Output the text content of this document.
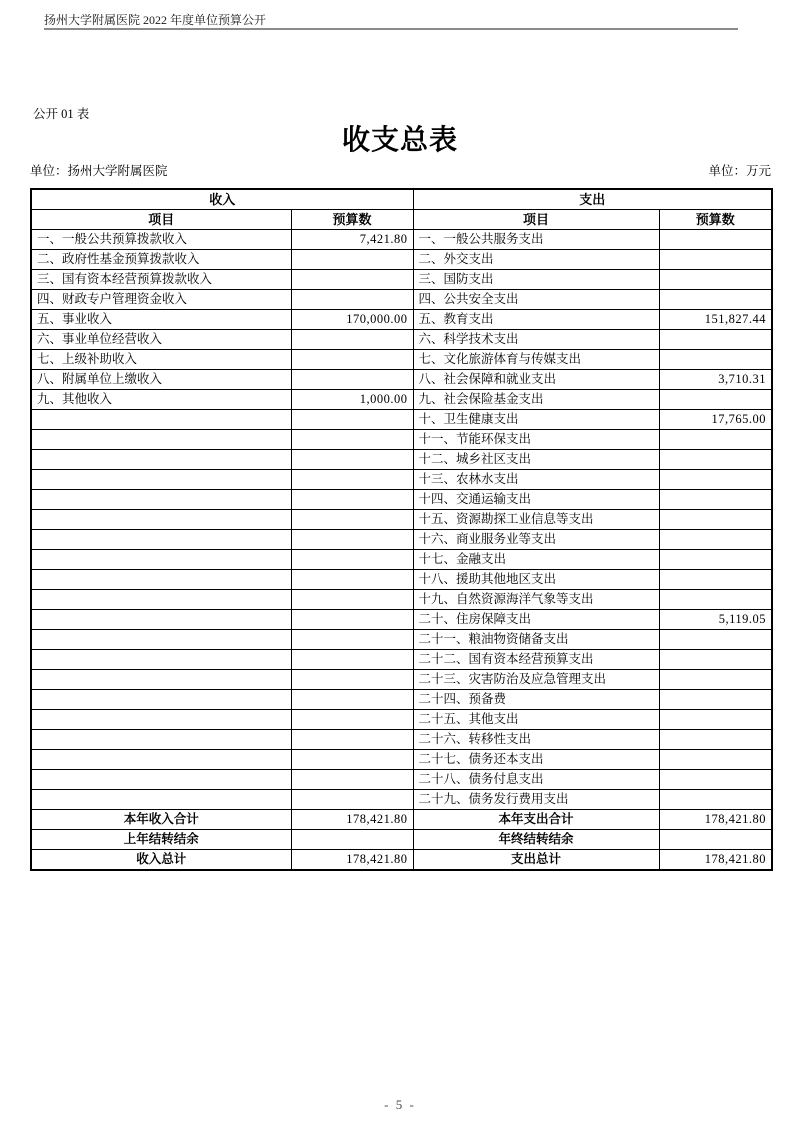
扬州大学附属医院 2022 年度单位预算公开
公开 01 表
收支总表
单位：扬州大学附属医院	单位：万元
收入		支出	
项目	预算数	项目	预算数
一、一般公共预算拨款收入	7,421.80	一、一般公共服务支出	
二、政府性基金预算拨款收入		二、外交支出	
三、国有资本经营预算拨款收入		三、国防支出	
四、财政专户管理资金收入		四、公共安全支出	
五、事业收入	170,000.00	五、教育支出	151,827.44
六、事业单位经营收入		六、科学技术支出	
七、上级补助收入		七、文化旅游体育与传媒支出	
八、附属单位上缴收入		八、社会保障和就业支出	3,710.31
九、其他收入	1,000.00	九、社会保险基金支出	
		十、卫生健康支出	17,765.00
		十一、节能环保支出	
		十二、城乡社区支出	
		十三、农林水支出	
		十四、交通运输支出	
		十五、资源勘探工业信息等支出	
		十六、商业服务业等支出	
		十七、金融支出	
		十八、援助其他地区支出	
		十九、自然资源海洋气象等支出	
		二十、住房保障支出	5,119.05
		二十一、粮油物资储备支出	
		二十二、国有资本经营预算支出	
		二十三、灾害防治及应急管理支出	
		二十四、预备费	
		二十五、其他支出	
		二十六、转移性支出	
		二十七、债务还本支出	
		二十八、债务付息支出	
		二十九、债务发行费用支出	
本年收入合计	178,421.80	本年支出合计	178,421.80
上年结转结余		年终结转结余	
收入总计	178,421.80	支出总计	178,421.80
- 5 -
